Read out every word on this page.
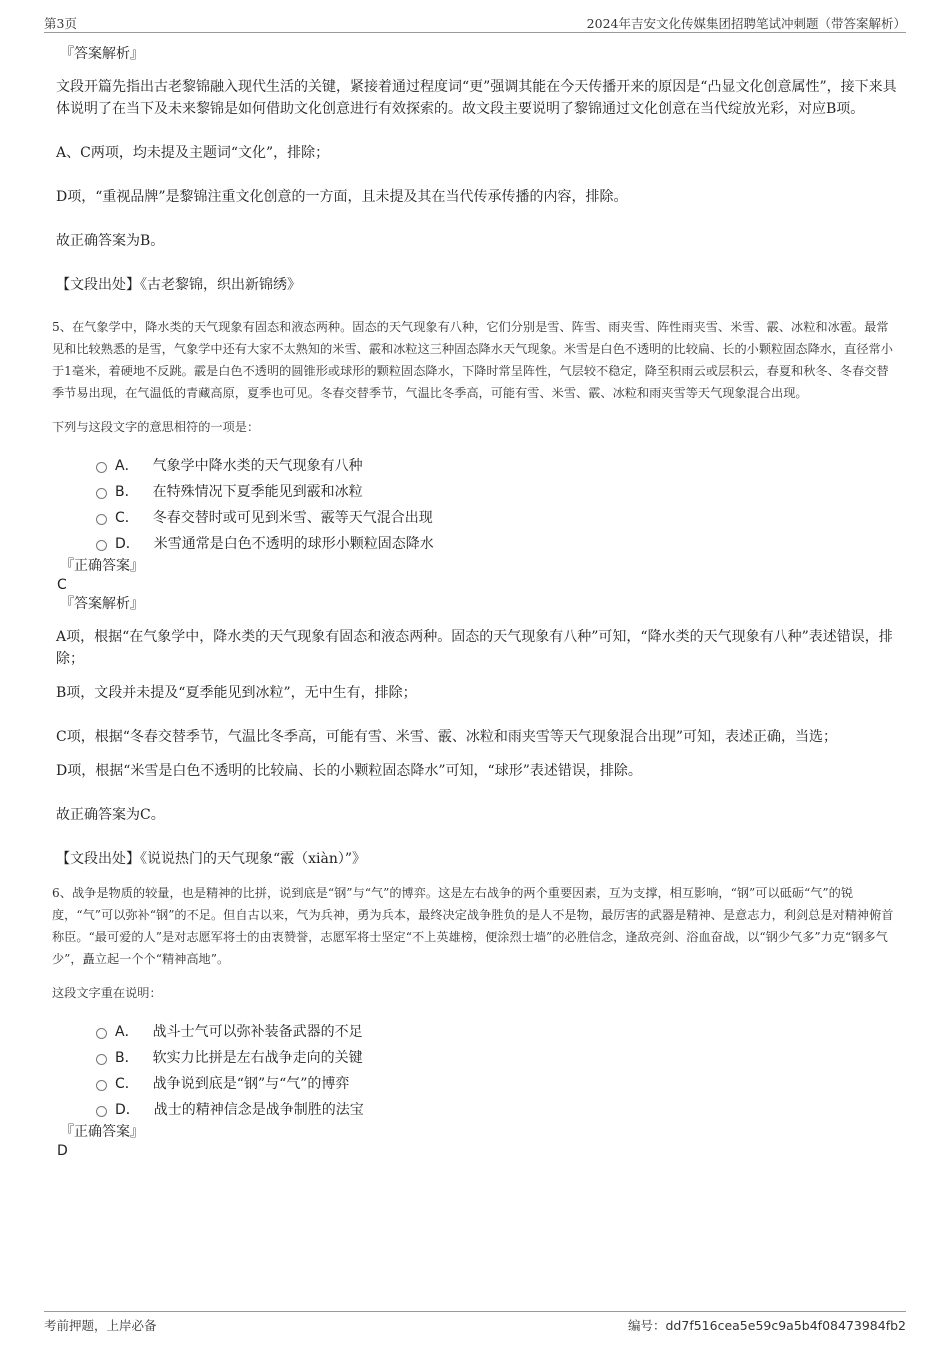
第3页	2024年吉安文化传媒集团招聘笔试冲刺题（带答案解析）
『答案解析』

文段开篇先指出古老黎锦融入现代生活的关键，紧接着通过程度词“更”强调其能在今天传播开来的原因是“凸显文化创意属性”，接下来具体说明了在当下及未来黎锦是如何借助文化创意进行有效探索的。故文段主要说明了黎锦通过文化创意在当代绽放光彩，对应B项。

A、C两项，均未提及主题词“文化”，排除；

D项，“重视品牌”是黎锦注重文化创意的一方面，且未提及其在当代传承传播的内容，排除。

故正确答案为B。

【文段出处】《古老黎锦，织出新锦绣》

5、在气象学中，降水类的天气现象有固态和液态两种。固态的天气现象有八种，它们分别是雪、阵雪、雨夹雪、阵性雨夹雪、米雪、霰、冰粒和冰雹。最常见和比较熟悉的是雪，气象学中还有大家不太熟知的米雪、霰和冰粒这三种固态降水天气现象。米雪是白色不透明的比较扁、长的小颗粒固态降水，直径常小于1毫米，着硬地不反跳。霰是白色不透明的圆锥形或球形的颗粒固态降水，下降时常呈阵性，气层较不稳定，降至积雨云或层积云，春夏和秋冬、冬春交替季节易出现，在气温低的青藏高原，夏季也可见。冬春交替季节，气温比冬季高，可能有雪、米雪、霰、冰粒和雨夹雪等天气现象混合出现。

下列与这段文字的意思相符的一项是：
A． 气象学中降水类的天气现象有八种
B． 在特殊情况下夏季能见到霰和冰粒
C． 冬春交替时或可见到米雪、霰等天气混合出现
D． 米雪通常是白色不透明的球形小颗粒固态降水
『正确答案』
C
『答案解析』

A项，根据“在气象学中，降水类的天气现象有固态和液态两种。固态的天气现象有八种”可知，“降水类的天气现象有八种”表述错误，排除；

B项，文段并未提及“夏季能见到冰粒”，无中生有，排除；

C项，根据“冬春交替季节，气温比冬季高，可能有雪、米雪、霰、冰粒和雨夹雪等天气现象混合出现”可知，表述正确，当选；

D项，根据“米雪是白色不透明的比较扁、长的小颗粒固态降水”可知，“球形”表述错误，排除。

故正确答案为C。

【文段出处】《说说热门的天气现象“霰（xiàn）”》

6、战争是物质的较量，也是精神的比拼，说到底是“钢”与“气”的博弈。这是左右战争的两个重要因素，互为支撑，相互影响，“钢”可以砥砺“气”的锐度，“气”可以弥补“钢”的不足。但自古以来，气为兵神，勇为兵本，最终决定战争胜负的是人不是物，最厉害的武器是精神、是意志力，利剑总是对精神俯首称臣。“最可爱的人”是对志愿军将士的由衷赞誉，志愿军将士坚定“不上英雄榜，便涂烈士墙”的必胜信念，逢敌亮剑、浴血奋战，以“钢少气多”力克“钢多气少”，矗立起一个个“精神高地”。

这段文字重在说明：
A． 战斗士气可以弥补装备武器的不足
B． 软实力比拼是左右战争走向的关键
C． 战争说到底是“钢”与“气”的博弈
D． 战士的精神信念是战争制胜的法宝
『正确答案』
D
考前押题，上岸必备	编号：dd7f516cea5e59c9a5b4f08473984fb2
